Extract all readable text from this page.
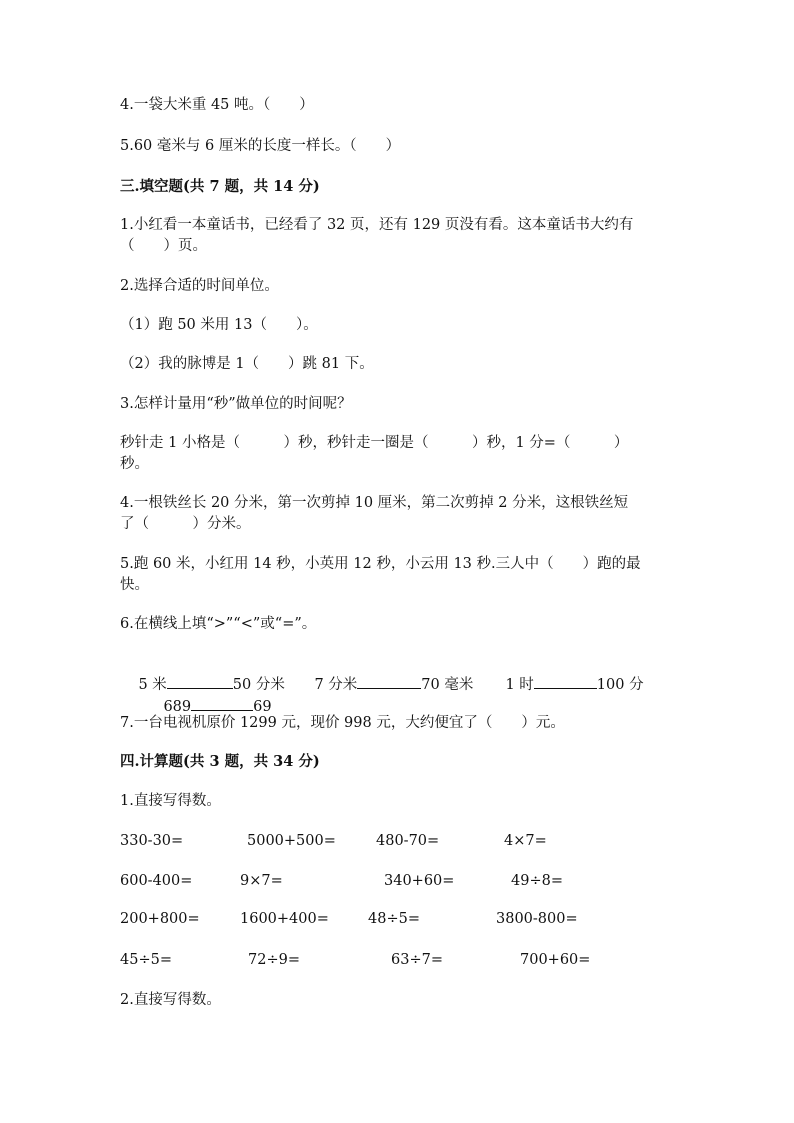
4.一袋大米重 45 吨。（　　）
5.60 毫米与 6 厘米的长度一样长。（　　）
三.填空题(共 7 题，共 14 分)
1.小红看一本童话书，已经看了 32 页，还有 129 页没有看。这本童话书大约有
（　　）页。
2.选择合适的时间单位。
（1）跑 50 米用 13（　　）。
（2）我的脉博是 1（　　）跳 81 下。
3.怎样计量用“秒”做单位的时间呢？
秒针走 1 小格是（　　　）秒，秒针走一圈是（　　　）秒，1 分=（　　　）
秒。
4.一根铁丝长 20 分米，第一次剪掉 10 厘米，第二次剪掉 2 分米，这根铁丝短
了（　　　）分米。
5.跑 60 米，小红用 14 秒，小英用 12 秒，小云用 13 秒.三人中（　　）跑的最
快。
6.在横线上填“>”“<”或“=”。

5 米	50 分米
	7 分米	70 毫米
	1 时	100 分

689	69

7.一台电视机原价 1299 元，现价 998 元，大约便宜了（　　）元。
四.计算题(共 3 题，共 34 分)
1.直接写得数。
330-30=	5000+500=	480-70=	4×7=
600-400=	9×7=	340+60=	49÷8=
200+800=	1600+400=	48÷5=	3800-800=
45÷5=	72÷9=	63÷7=	700+60=
2.直接写得数。
